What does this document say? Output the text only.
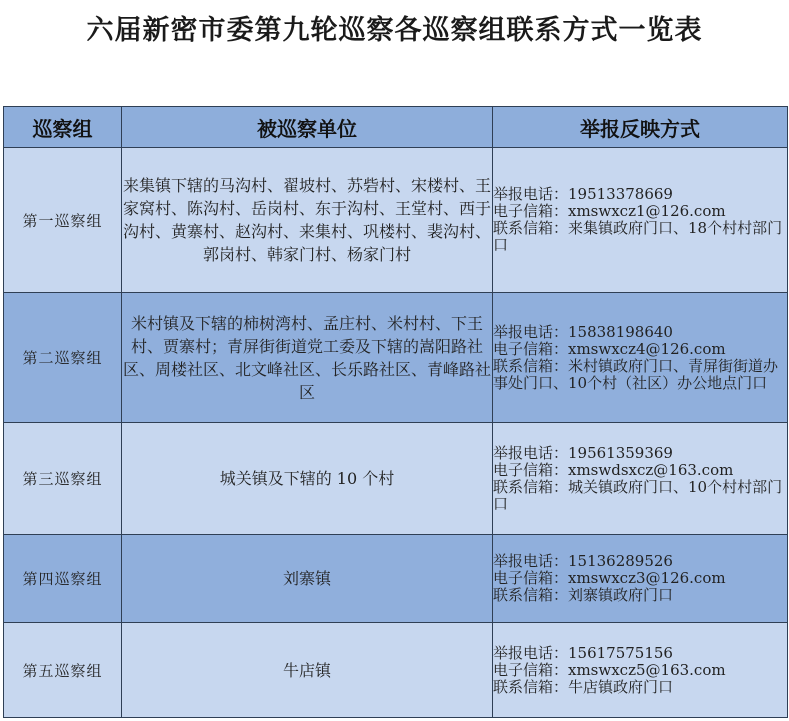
六届新密市委第九轮巡察各巡察组联系方式一览表
巡察组	被巡察单位	举报反映方式
第一巡察组	来集镇下辖的马沟村、翟坡村、苏砦村、宋楼村、王家窝村、陈沟村、岳岗村、东于沟村、王堂村、西于沟村、黄寨村、赵沟村、来集村、巩楼村、裴沟村、郭岗村、韩家门村、杨家门村	举报电话：19513378669
电子信箱：xmswxcz1@126.com
联系信箱：来集镇政府门口、18个村村部门口

第二巡察组	米村镇及下辖的柿树湾村、孟庄村、米村村、下王村、贾寨村；青屏街街道党工委及下辖的嵩阳路社区、周楼社区、北文峰社区、长乐路社区、青峰路社区	举报电话：15838198640
电子信箱：xmswxcz4@126.com
联系信箱：米村镇政府门口、青屏街街道办事处门口、10个村（社区）办公地点门口

第三巡察组	城关镇及下辖的 10 个村	举报电话：19561359369
电子信箱：xmswdsxcz@163.com
联系信箱：城关镇政府门口、10个村村部门口

第四巡察组	刘寨镇	举报电话：15136289526
电子信箱：xmswxcz3@126.com
联系信箱：刘寨镇政府门口

第五巡察组	牛店镇	举报电话：15617575156
电子信箱：xmswxcz5@163.com
联系信箱：牛店镇政府门口
